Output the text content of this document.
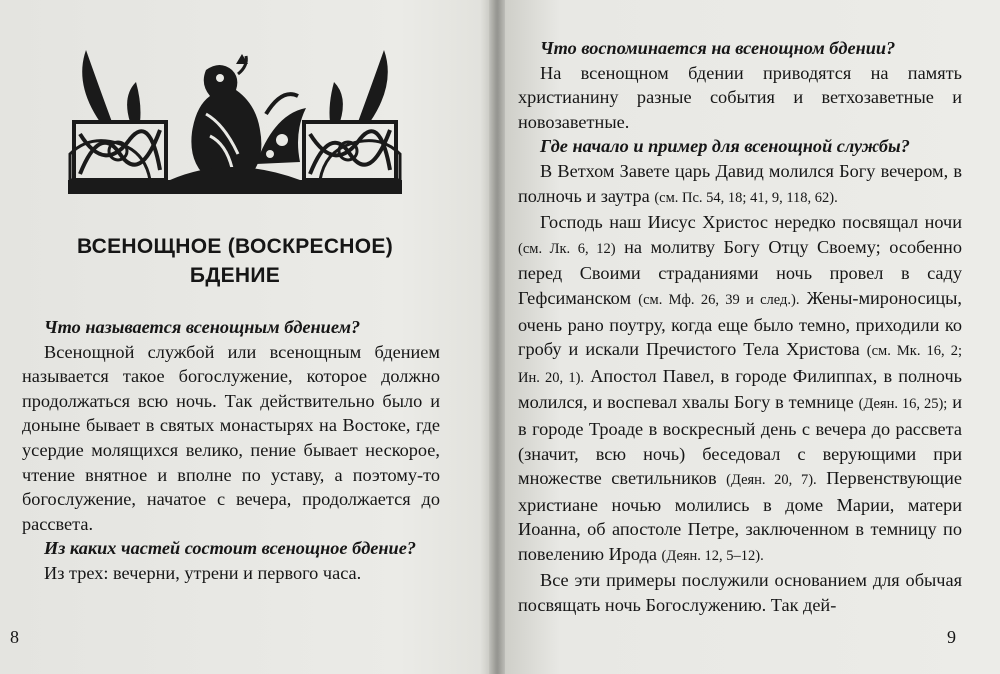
ВСЕНОЩНОЕ (ВОСКРЕСНОЕ)
БДЕНИЕ

Что называется всенощным бдением?

Всенощной службой или всенощным бдением называется такое богослужение, которое должно продолжаться всю ночь. Так действительно было и доныне бывает в святых монастырях на Востоке, где усердие молящихся велико, пение бывает нескорое, чтение внятное и вполне по уставу, а поэтому-то богослужение, начатое с вечера, продолжается до рассвета.

Из каких частей состоит всенощное бдение?

Из трех: вечерни, утрени и первого часа.

8

Что воспоминается на всенощном бдении?

На всенощном бдении приводятся на память христианину разные события и ветхозаветные и новозаветные.

Где начало и пример для всенощной службы?

В Ветхом Завете царь Давид молился Богу вечером, в полночь и заутра (см. Пс. 54, 18; 41, 9, 118, 62).

Господь наш Иисус Христос нередко посвящал ночи (см. Лк. 6, 12) на молитву Богу Отцу Своему; особенно перед Своими страданиями ночь провел в саду Гефсиманском (см. Мф. 26, 39 и след.). Жены-мироносицы, очень рано поутру, когда еще было темно, приходили ко гробу и искали Пречистого Тела Христова (см. Мк. 16, 2; Ин. 20, 1). Апостол Павел, в городе Филиппах, в полночь молился, и воспевал хвалы Богу в темнице (Деян. 16, 25); и в городе Троаде в воскресный день с вечера до рассвета (значит, всю ночь) беседовал с верующими при множестве светильников (Деян. 20, 7). Первенствующие христиане ночью молились в доме Марии, матери Иоанна, об апостоле Петре, заключенном в темницу по повелению Ирода (Деян. 12, 5–12).

Все эти примеры послужили основанием для обычая посвящать ночь Богослужению. Так дей-

9
